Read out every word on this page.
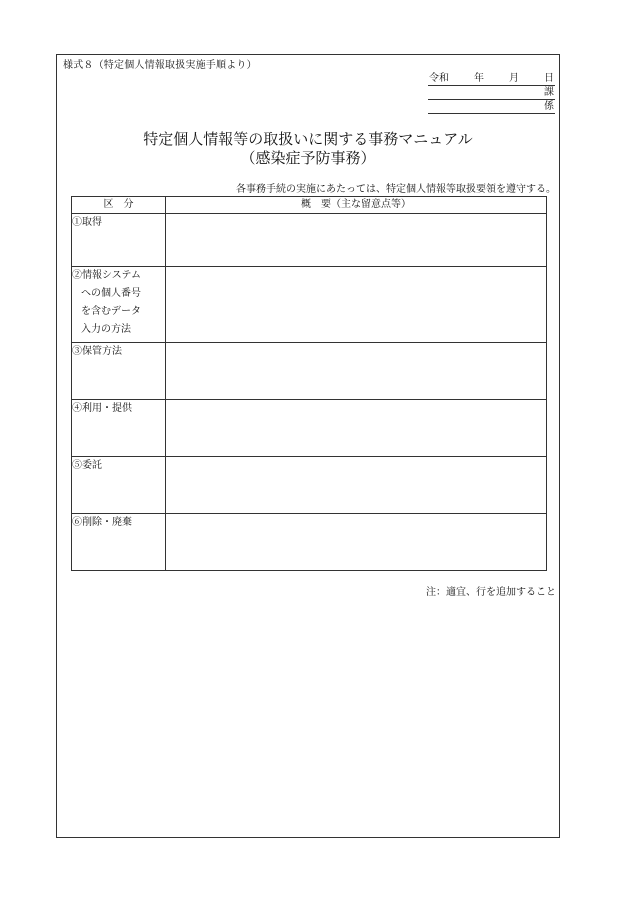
様式８（特定個人情報取扱実施手順より）
令和	年	月	日
課
係
特定個人情報等の取扱いに関する事務マニュアル
（感染症予防事務）
各事務手続の実施にあたっては、特定個人情報等取扱要領を遵守する。
区　分	概　要（主な留意点等）
①取得	
②情報システム
への個人番号
を含むデータ
入力の方法	

③保管方法	
④利用・提供	
⑤委託	
⑥削除・廃棄	
注：適宜、行を追加すること
